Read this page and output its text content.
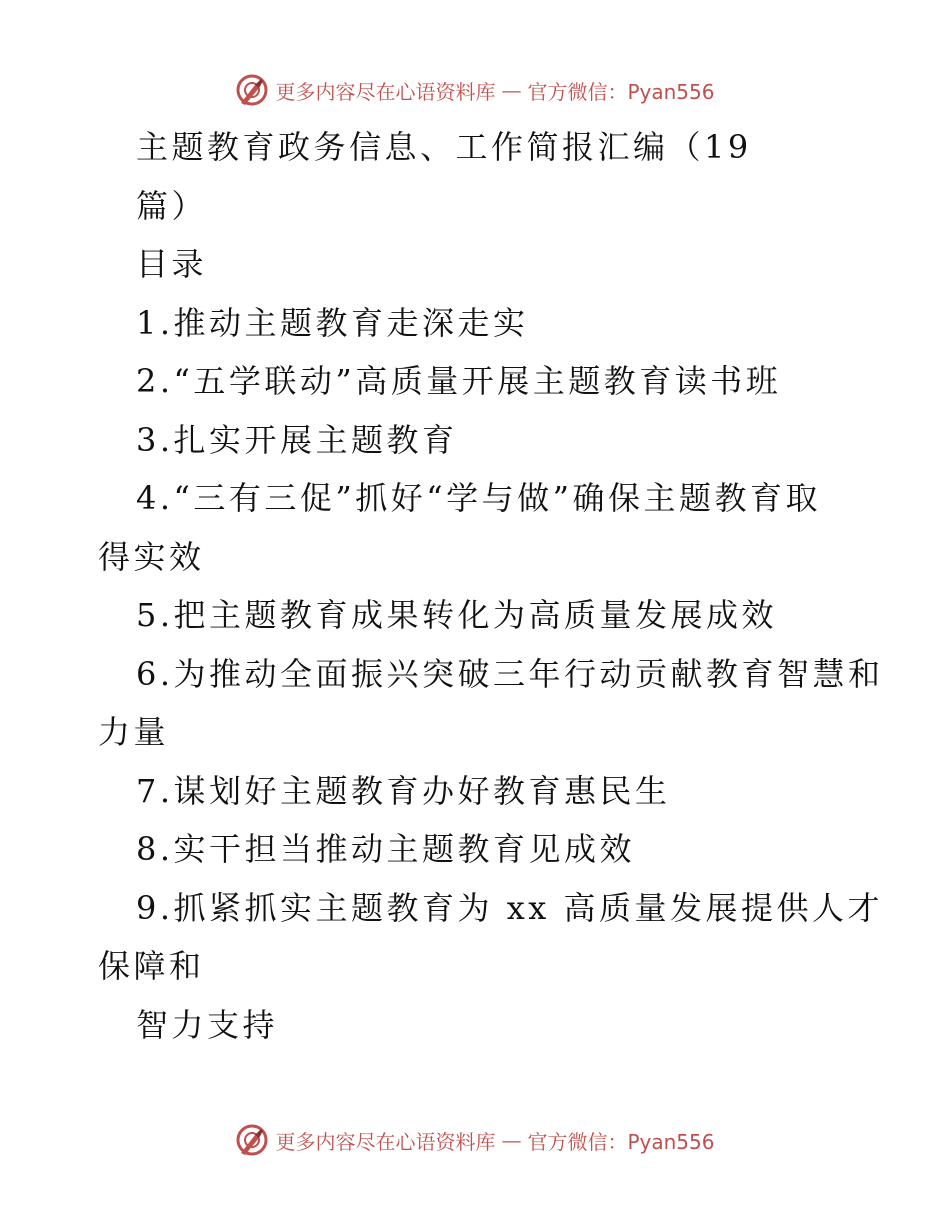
更多内容尽在心语资料库 — 官方微信：Pyan556

主题教育政务信息、工作简报汇编（19

篇）

目录

1.推动主题教育走深走实

2.“五学联动”高质量开展主题教育读书班

3.扎实开展主题教育

4.“三有三促”抓好“学与做”确保主题教育取

得实效

5.把主题教育成果转化为高质量发展成效

6.为推动全面振兴突破三年行动贡献教育智慧和

力量

7.谋划好主题教育办好教育惠民生

8.实干担当推动主题教育见成效

9.抓紧抓实主题教育为 xx 高质量发展提供人才

保障和

智力支持

更多内容尽在心语资料库 — 官方微信：Pyan556
